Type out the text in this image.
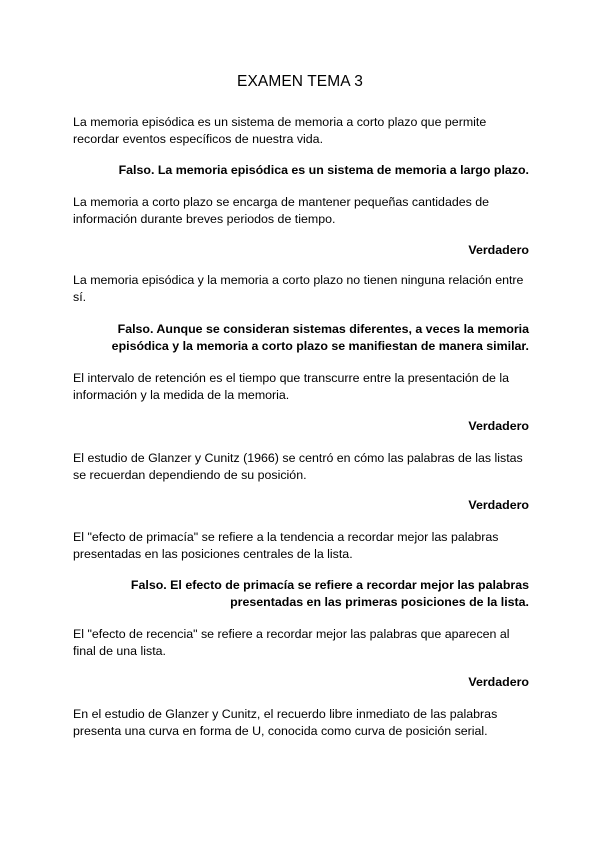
EXAMEN TEMA 3
La memoria episódica es un sistema de memoria a corto plazo que permite recordar eventos específicos de nuestra vida.
Falso. La memoria episódica es un sistema de memoria a largo plazo.
La memoria a corto plazo se encarga de mantener pequeñas cantidades de información durante breves periodos de tiempo.
Verdadero
La memoria episódica y la memoria a corto plazo no tienen ninguna relación entre sí.
Falso. Aunque se consideran sistemas diferentes, a veces la memoria episódica y la memoria a corto plazo se manifiestan de manera similar.
El intervalo de retención es el tiempo que transcurre entre la presentación de la información y la medida de la memoria.
Verdadero
El estudio de Glanzer y Cunitz (1966) se centró en cómo las palabras de las listas se recuerdan dependiendo de su posición.
Verdadero
El "efecto de primacía" se refiere a la tendencia a recordar mejor las palabras presentadas en las posiciones centrales de la lista.
Falso. El efecto de primacía se refiere a recordar mejor las palabras presentadas en las primeras posiciones de la lista.
El "efecto de recencia" se refiere a recordar mejor las palabras que aparecen al final de una lista.
Verdadero
En el estudio de Glanzer y Cunitz, el recuerdo libre inmediato de las palabras presenta una curva en forma de U, conocida como curva de posición serial.
